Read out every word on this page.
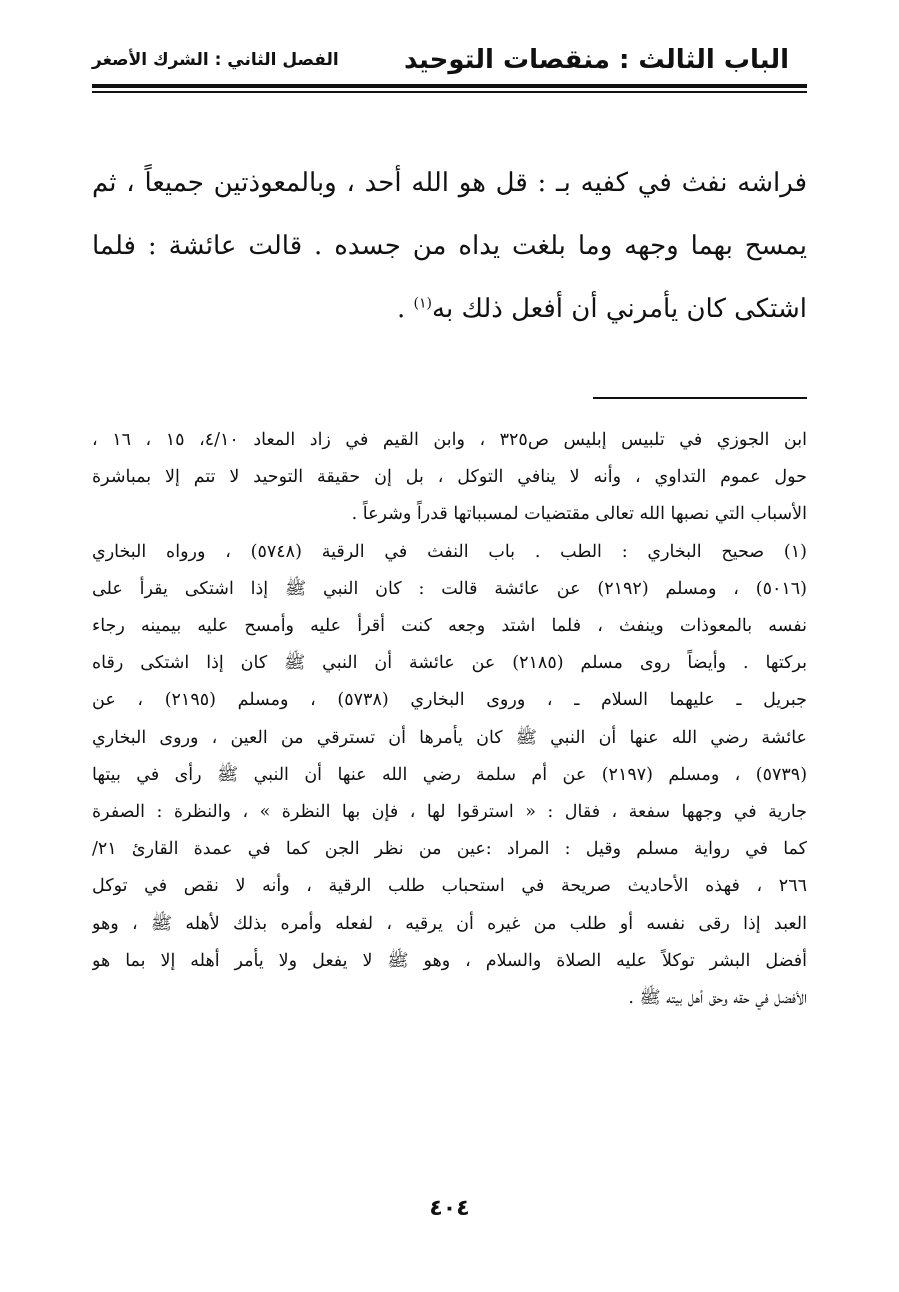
الباب الثالث : منقصات التوحيد
الفصل الثاني : الشرك الأصغر

فراشه نفث في كفيه بـ : قل هو الله أحد ، وبالمعوذتين جميعاً ، ثم
يمسح بهما وجهه وما بلغت يداه من جسده . قالت عائشة : فلما
اشتكى كان يأمرني أن أفعل ذلك به$^{(١)}$ .

ابن الجوزي في تلبيس إبليس ص٣٢٥ ، وابن القيم في زاد المعاد ٤/١٠، ١٥ ، ١٦ ،
حول عموم التداوي ، وأنه لا ينافي التوكل ، بل إن حقيقة التوحيد لا تتم إلا بمباشرة
الأسباب التي نصبها الله تعالى مقتضيات لمسبباتها قدراً وشرعاً .
(١) صحيح البخاري : الطب . باب النفث في الرقية (٥٧٤٨) ، ورواه البخاري
(٥٠١٦) ، ومسلم (٢١٩٢) عن عائشة قالت : كان النبي ﷺ إذا اشتكى يقرأ على
نفسه بالمعوذات وينفث ، فلما اشتد وجعه كنت أقرأ عليه وأمسح عليه بيمينه رجاء
بركتها . وأيضاً روى مسلم (٢١٨٥) عن عائشة أن النبي ﷺ كان إذا اشتكى رقاه
جبريل ـ عليهما السلام ـ ، وروى البخاري (٥٧٣٨) ، ومسلم (٢١٩٥) ، عن
عائشة رضي الله عنها أن النبي ﷺ كان يأمرها أن تسترقي من العين ، وروى البخاري
(٥٧٣٩) ، ومسلم (٢١٩٧) عن أم سلمة رضي الله عنها أن النبي ﷺ رأى في بيتها
جارية في وجهها سفعة ، فقال : « استرقوا لها ، فإن بها النظرة » ، والنظرة : الصفرة
كما في رواية مسلم وقيل : المراد :عين من نظر الجن كما في عمدة القارئ ٢١/
٢٦٦ ، فهذه الأحاديث صريحة في استحباب طلب الرقية ، وأنه لا نقص في توكل
العبد إذا رقى نفسه أو طلب من غيره أن يرقيه ، لفعله وأمره بذلك لأهله ﷺ ، وهو
أفضل البشر توكلاً عليه الصلاة والسلام ، وهو ﷺ لا يفعل ولا يأمر أهله إلا بما هو
الأفضل في حقه وحق أهل بيته ﷺ .
٤٠٤
